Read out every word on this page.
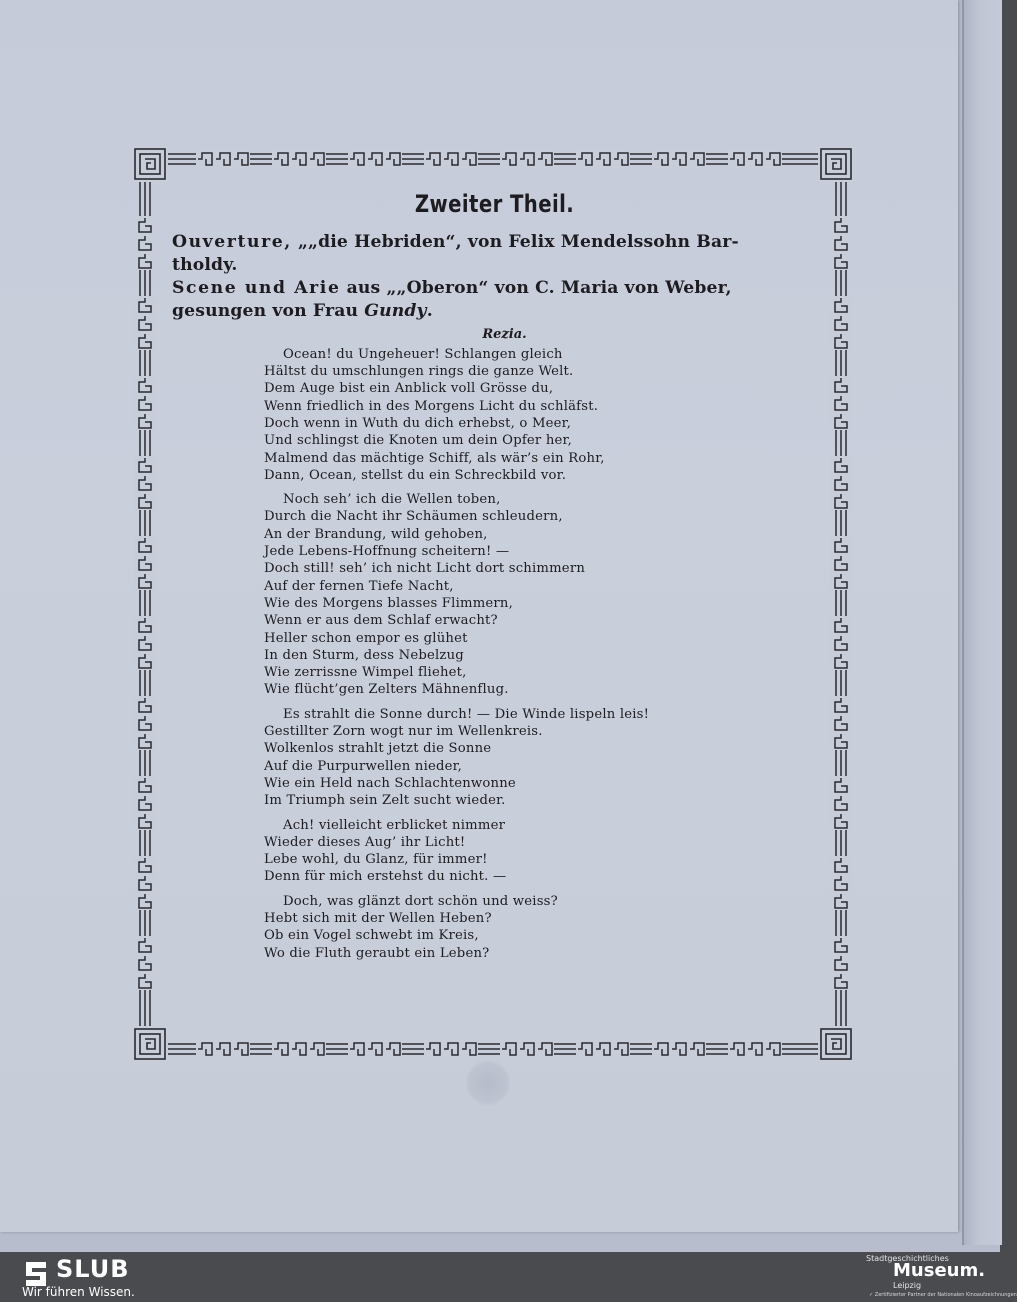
Zweiter Theil.

Ouverture, „„die Hebriden“, von Felix Mendelssohn Bar-
tholdy.

Scene und Arie aus „„Oberon“ von C. Maria von Weber,
gesungen von Frau Gundy.

Rezia.
Ocean! du Ungeheuer! Schlangen gleich
Hältst du umschlungen rings die ganze Welt.
Dem Auge bist ein Anblick voll Grösse du,
Wenn friedlich in des Morgens Licht du schläfst.
Doch wenn in Wuth du dich erhebst, o Meer,
Und schlingst die Knoten um dein Opfer her,
Malmend das mächtige Schiff, als wär’s ein Rohr,
Dann, Ocean, stellst du ein Schreckbild vor.
Noch seh’ ich die Wellen toben,
Durch die Nacht ihr Schäumen schleudern,
An der Brandung, wild gehoben,
Jede Lebens-Hoffnung scheitern! —
Doch still! seh’ ich nicht Licht dort schimmern
Auf der fernen Tiefe Nacht,
Wie des Morgens blasses Flimmern,
Wenn er aus dem Schlaf erwacht?
Heller schon empor es glühet
In den Sturm, dess Nebelzug
Wie zerrissne Wimpel fliehet,
Wie flücht’gen Zelters Mähnenflug.
Es strahlt die Sonne durch! — Die Winde lispeln leis!
Gestillter Zorn wogt nur im Wellenkreis.
Wolkenlos strahlt jetzt die Sonne
Auf die Purpurwellen nieder,
Wie ein Held nach Schlachtenwonne
Im Triumph sein Zelt sucht wieder.
Ach! vielleicht erblicket nimmer
Wieder dieses Aug’ ihr Licht!
Lebe wohl, du Glanz, für immer!
Denn für mich erstehst du nicht. —
Doch, was glänzt dort schön und weiss?
Hebt sich mit der Wellen Heben?
Ob ein Vogel schwebt im Kreis,
Wo die Fluth geraubt ein Leben?
SLUB
Wir führen Wissen.
Stadtgeschichtliches
Museum.
Leipzig
✓ Zertifizierter Partner der Nationalen Kinoaufzeichnungen
